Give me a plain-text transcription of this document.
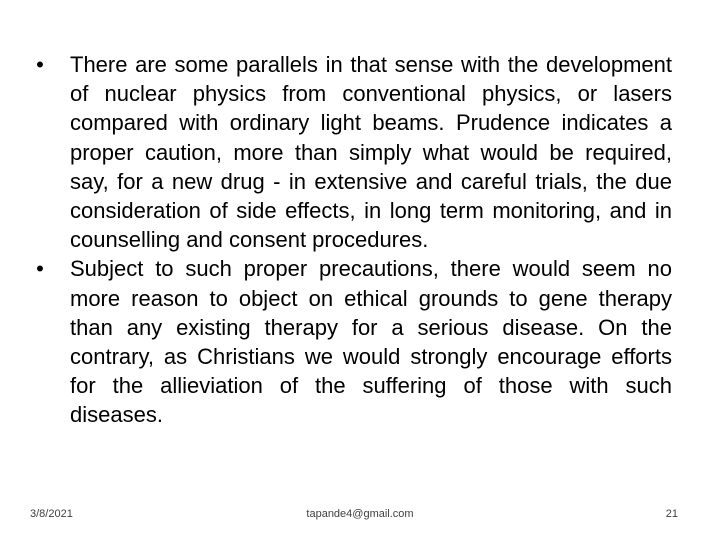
• There are some parallels in that sense with the development of nuclear physics from conventional physics, or lasers compared with ordinary light beams. Prudence indicates a proper caution, more than simply what would be required, say, for a new drug - in extensive and careful trials, the due consideration of side effects, in long term monitoring, and in counselling and consent procedures.

• Subject to such proper precautions, there would seem no more reason to object on ethical grounds to gene therapy than any existing therapy for a serious disease. On the contrary, as Christians we would strongly encourage efforts for the allieviation of the suffering of those with such diseases.

3/8/2021	tapande4@gmail.com	21
